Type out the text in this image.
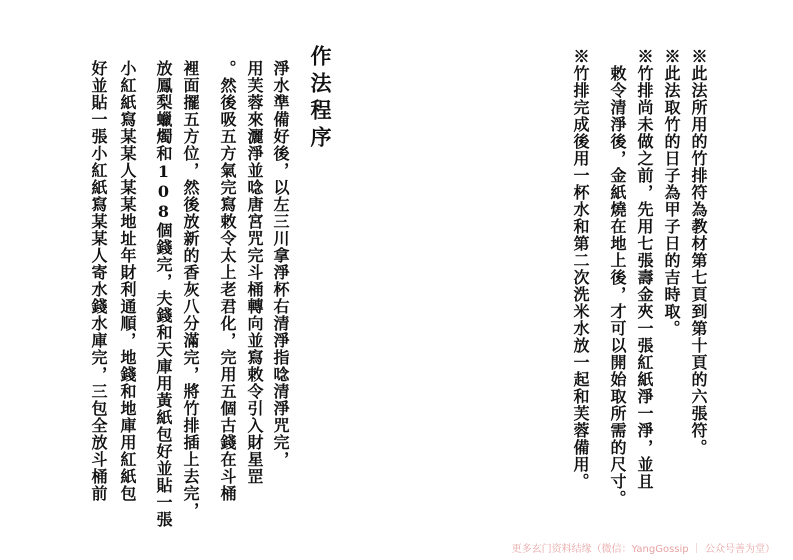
※此法所用的竹排符為教材第七頁到第十頁的六張符。
※此法取竹的日子為甲子日的吉時取。
※竹排尚未做之前，先用七張壽金夾一張紅紙淨一淨，並且
敕令清淨後，金紙燒在地上後，才可以開始取所需的尺寸。
※竹排完成後用一杯水和第二次洗米水放一起和芙蓉備用。
作法程序
淨水準備好後，以左三川拿淨杯右清淨指唸清淨咒完，
用芙蓉來灑淨並唸唐宮咒完斗桶轉向並寫敕令引入財星罡
。然後吸五方氣完寫敕令太上老君化，完用五個古錢在斗桶
裡面擺五方位，然後放新的香灰八分滿完，將竹排插上去完，
放鳳梨蠟燭和108個錢完，夫錢和天庫用黃紙包好並貼一張
小紅紙寫某某人某某地址年財利通順，地錢和地庫用紅紙包
好並貼一張小紅紙寫某某人寄水錢水庫完，三包全放斗桶前
更多玄门资料结缘（微信：YangGossip ｜ 公众号善为堂）
